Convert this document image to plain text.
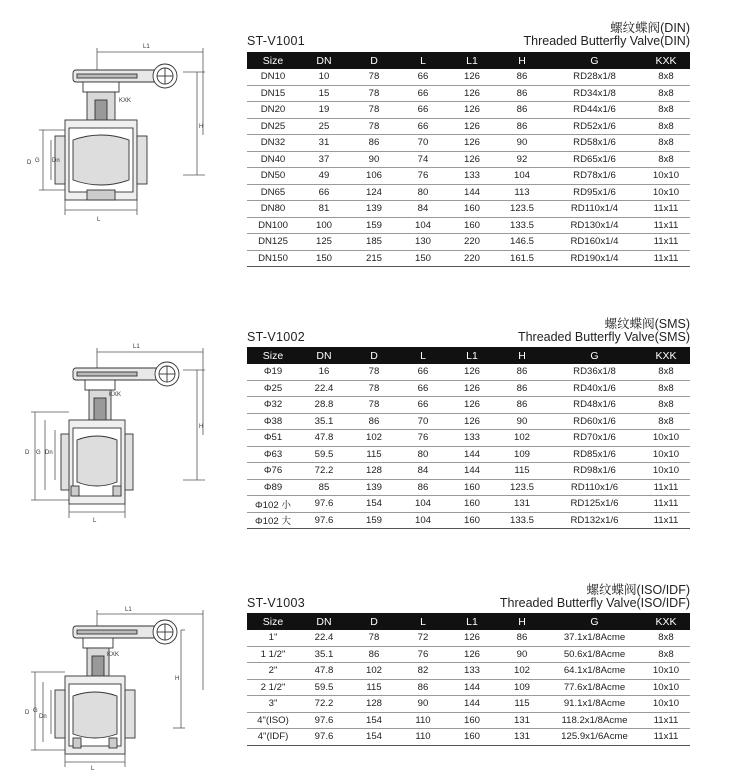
L1
KXK
H
D G Dn
L
螺纹蝶阀(DIN)
Threaded Butterfly Valve(DIN)
ST-V1001
Size	DN	D	L	L1	H	G	KXK
DN10	10	78	66	126	86	RD28x1/8	8x8
DN15	15	78	66	126	86	RD34x1/8	8x8
DN20	19	78	66	126	86	RD44x1/6	8x8
DN25	25	78	66	126	86	RD52x1/6	8x8
DN32	31	86	70	126	90	RD58x1/6	8x8
DN40	37	90	74	126	92	RD65x1/6	8x8
DN50	49	106	76	133	104	RD78x1/6	10x10
DN65	66	124	80	144	113	RD95x1/6	10x10
DN80	81	139	84	160	123.5	RD110x1/4	11x11
DN100	100	159	104	160	133.5	RD130x1/4	11x11
DN125	125	185	130	220	146.5	RD160x1/4	11x11
DN150	150	215	150	220	161.5	RD190x1/4	11x11
L1
KXK
H
D G Dn
L
螺纹蝶阀(SMS)
Threaded Butterfly Valve(SMS)
ST-V1002
Size	DN	D	L	L1	H	G	KXK
Φ19	16	78	66	126	86	RD36x1/8	8x8
Φ25	22.4	78	66	126	86	RD40x1/6	8x8
Φ32	28.8	78	66	126	86	RD48x1/6	8x8
Φ38	35.1	86	70	126	90	RD60x1/6	8x8
Φ51	47.8	102	76	133	102	RD70x1/6	10x10
Φ63	59.5	115	80	144	109	RD85x1/6	10x10
Φ76	72.2	128	84	144	115	RD98x1/6	10x10
Φ89	85	139	86	160	123.5	RD110x1/6	11x11
Φ102 小	97.6	154	104	160	131	RD125x1/6	11x11
Φ102 大	97.6	159	104	160	133.5	RD132x1/6	11x11
L1
KXK
H
D G
Dn
L
螺纹蝶阀(ISO/IDF)
Threaded Butterfly Valve(ISO/IDF)
ST-V1003
Size	DN	D	L	L1	H	G	KXK
1"	22.4	78	72	126	86	37.1x1/8Acme	8x8
1 1/2"	35.1	86	76	126	90	50.6x1/8Acme	8x8
2"	47.8	102	82	133	102	64.1x1/8Acme	10x10
2 1/2"	59.5	115	86	144	109	77.6x1/8Acme	10x10
3"	72.2	128	90	144	115	91.1x1/8Acme	10x10
4"(ISO)	97.6	154	110	160	131	118.2x1/8Acme	11x11
4"(IDF)	97.6	154	110	160	131	125.9x1/6Acme	11x11
